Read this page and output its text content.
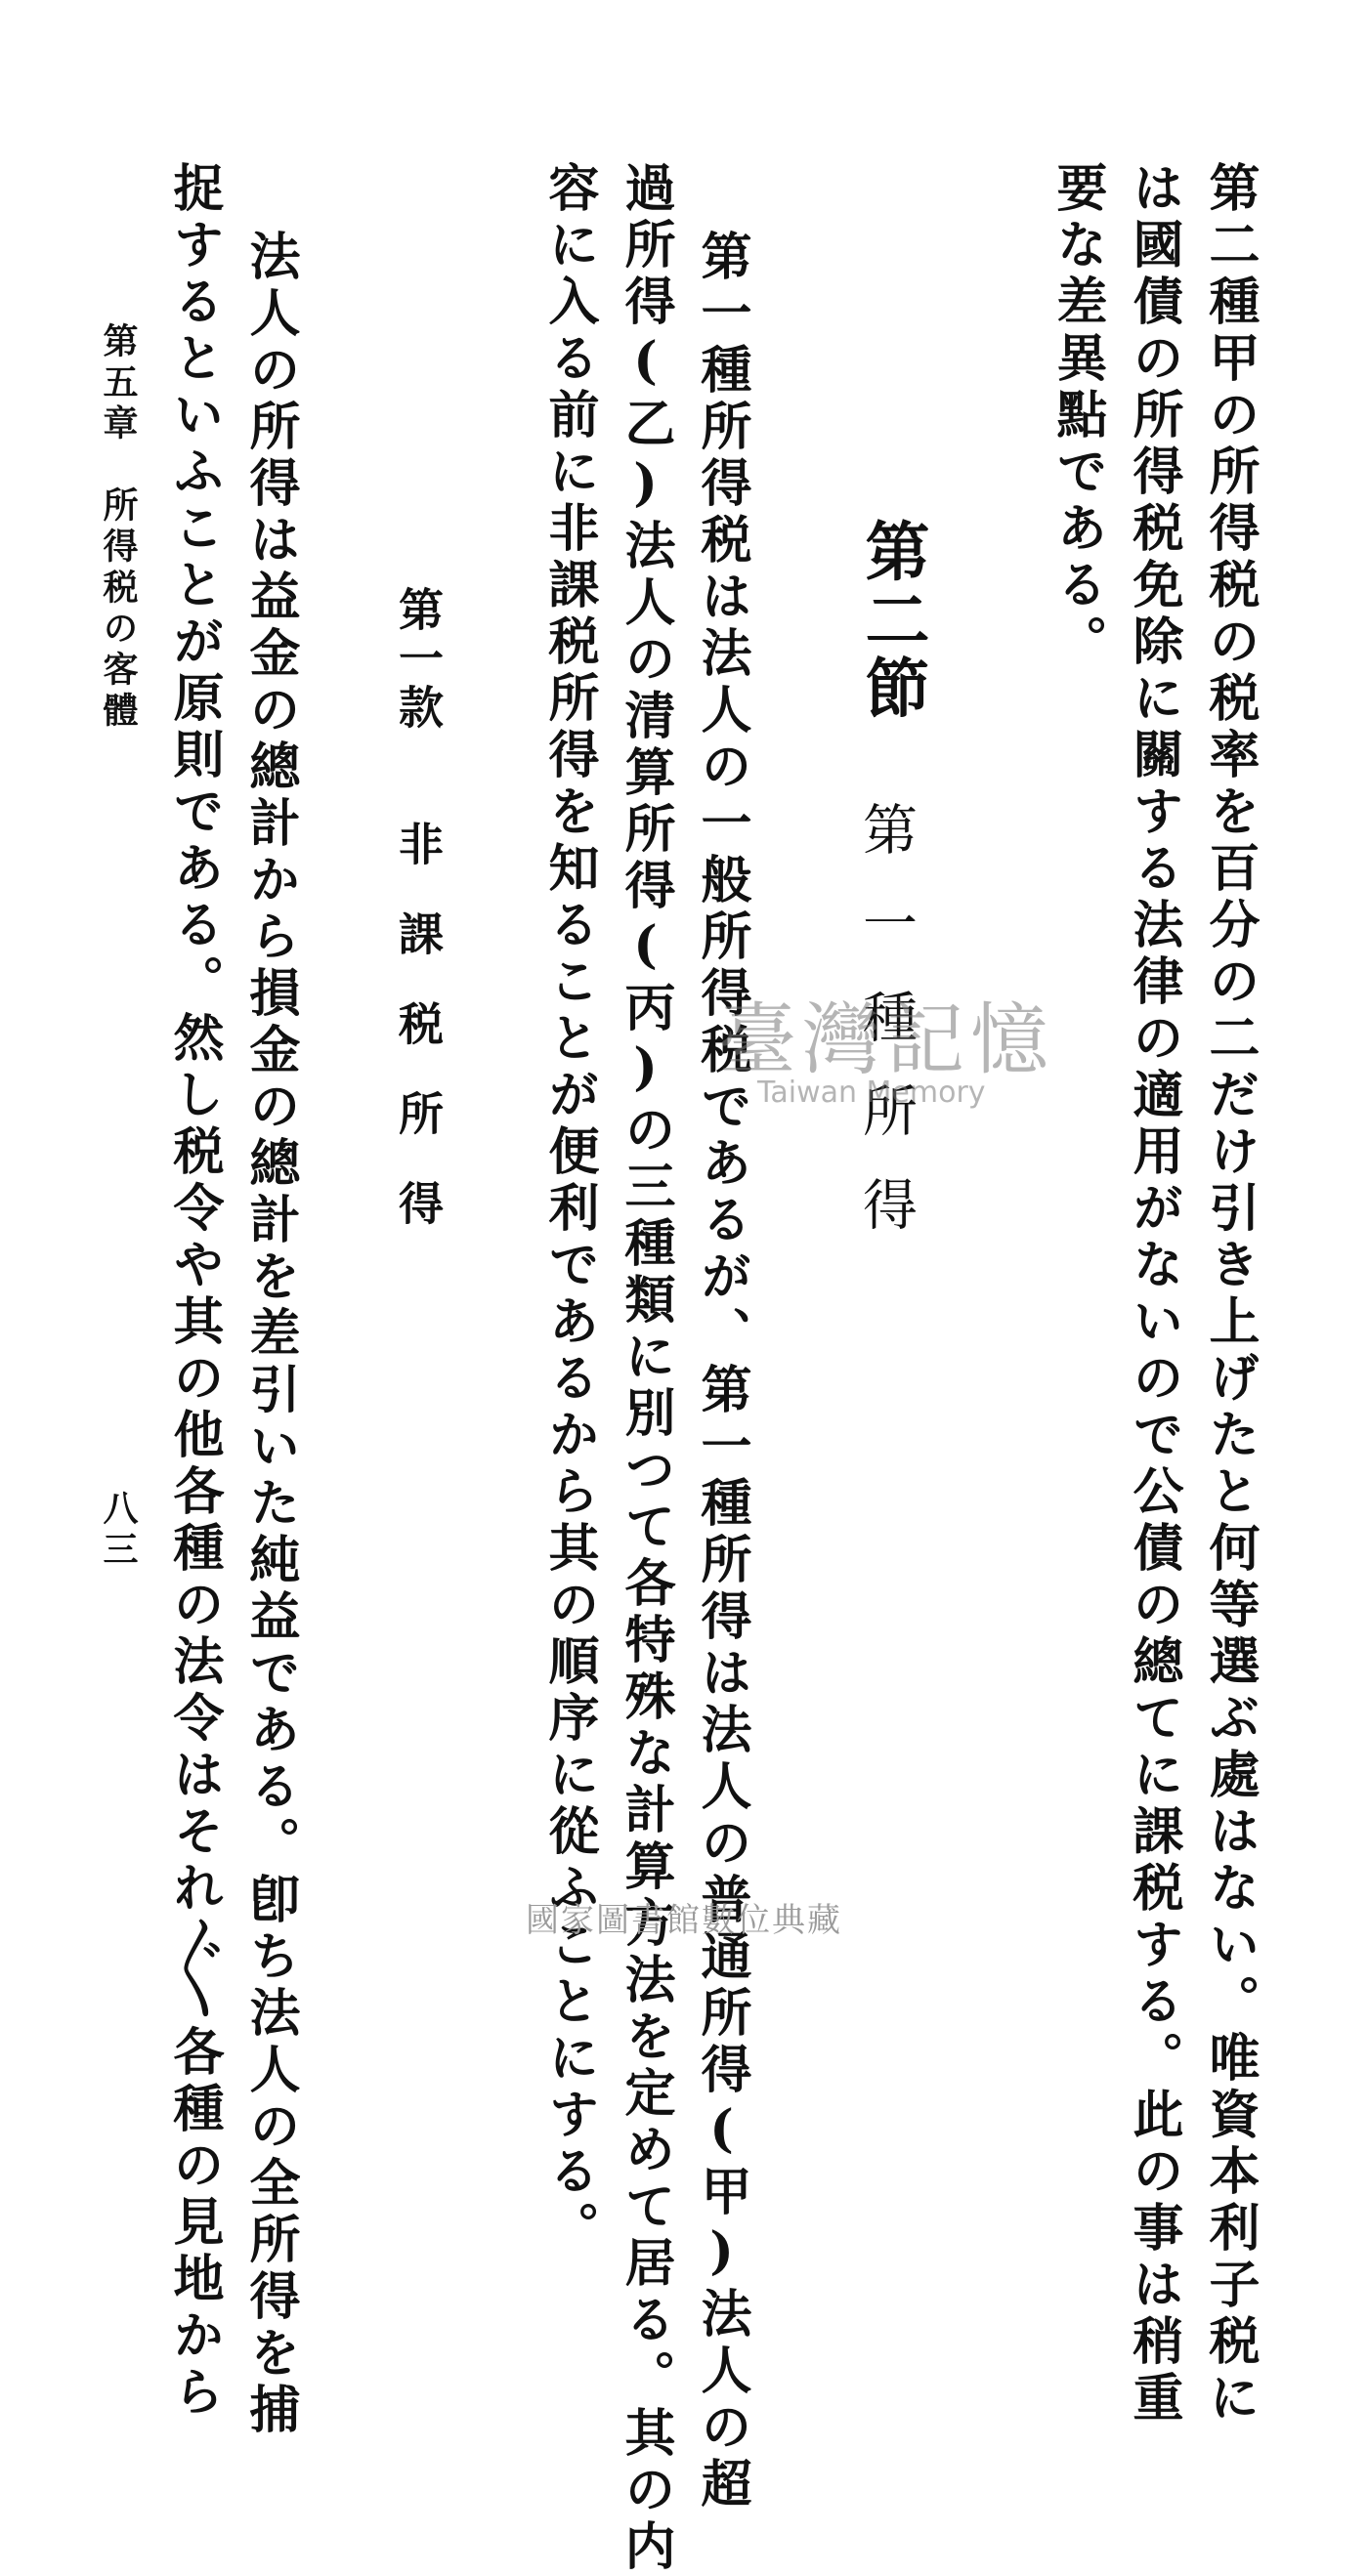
第二種甲の所得税の税率を百分の二だけ引き上げたと何等選ぶ處はない。唯資本利子税に
は國債の所得税免除に關する法律の適用がないので公債の總てに課税する。此の事は稍重
要な差異點である。
第二節
第一種所得
第一種所得税は法人の一般所得税であるが、第一種所得は法人の普通所得(甲)法人の超
過所得(乙)法人の清算所得(丙)の三種類に別つて各特殊な計算方法を定めて居る。其の内
容に入る前に非課税所得を知ることが便利であるから其の順序に從ふことにする。
第一款
非課税所得
法人の所得は益金の總計から損金の總計を差引いた純益である。卽ち法人の全所得を捕
捉するといふことが原則である。然し税令や其の他各種の法令はそれ〴〵各種の見地から
第五章　所得税の客體
八三
臺灣記憶
Taiwan Memory
國家圖書館數位典藏
